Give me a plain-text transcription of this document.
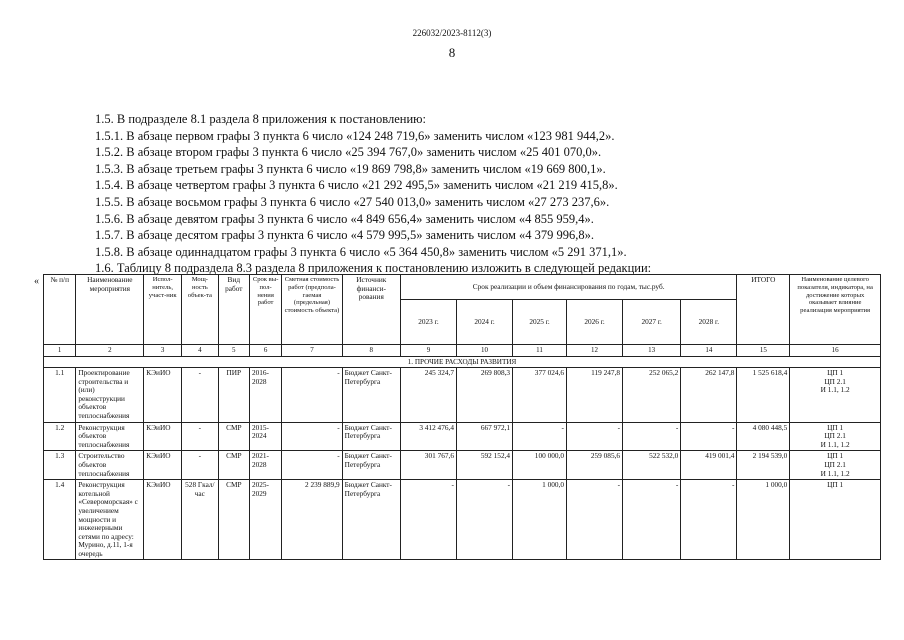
226032/2023-8112(3)
8
1.5. В подразделе 8.1 раздела 8 приложения к постановлению:
1.5.1. В абзаце первом графы 3 пункта 6 число «124 248 719,6» заменить числом «123 981 944,2».
1.5.2. В абзаце втором графы 3 пункта 6 число «25 394 767,0» заменить числом «25 401 070,0».
1.5.3. В абзаце третьем графы 3 пункта 6 число «19 869 798,8» заменить числом «19 669 800,1».
1.5.4. В абзаце четвертом графы 3 пункта 6 число «21 292 495,5» заменить числом «21 219 415,8».
1.5.5. В абзаце восьмом графы 3 пункта 6 число «27 540 013,0» заменить числом «27 273 237,6».
1.5.6. В абзаце девятом графы 3 пункта 6 число «4 849 656,4» заменить числом «4 855 959,4».
1.5.7. В абзаце десятом графы 3 пункта 6 число «4 579 995,5» заменить числом «4 379 996,8».
1.5.8. В абзаце одиннадцатом графы 3 пункта 6 число «5 364 450,8» заменить числом «5 291 371,1».
1.6. Таблицу 8 подраздела 8.3 раздела 8 приложения к постановлению изложить в следующей редакции:
« № п/п	Наименование мероприятия	Испол-нитель, участ-ник	Мощ-ность объек-та	Вид работ	Срок вы-пол-нения работ	Сметная стоимость работ (предпола-гаемая (предельная) стоимость объекта)	Источник финанси-рования	Срок реализации и объем финансирования по годам, тыс.руб.						ИТОГО	Наименование целевого показателя, индикатора, на достижение которых оказывает влияние реализация мероприятия
								2023 г.	2024 г.	2025 г.	2026 г.	2027 г.	2028 г.		
1	2	3	4	5	6	7	8	9	10	11	12	13	14	15	16
1. ПРОЧИЕ РАСХОДЫ РАЗВИТИЯ															
1.1	Проектирование строительства и (или) реконструкции объектов теплоснабжения	КЭиИО	-	ПИР	2016-2028	-	Бюджет Санкт-Петербурга	245 324,7	269 808,3	377 024,6	119 247,8	252 065,2	262 147,8	1 525 618,4	ЦП 1
ЦП 2.1
И 1.1, 1.2
1.2	Реконструкция объектов теплоснабжения	КЭиИО	-	СМР	2015-2024	-	Бюджет Санкт-Петербурга	3 412 476,4	667 972,1	-	-	-	-	4 080 448,5	ЦП 1
ЦП 2.1
И 1.1, 1.2
1.3	Строительство объектов теплоснабжения	КЭиИО	-	СМР	2021-2028	-	Бюджет Санкт-Петербурга	301 767,6	592 152,4	100 000,0	259 085,6	522 532,0	419 001,4	2 194 539,0	ЦП 1
ЦП 2.1
И 1.1, 1.2
1.4	Реконструкция котельной «Североморская» с увеличением мощности и инженерными сетями по адресу: Мурино, д.11, 1-я очередь	КЭиИО	528 Гкал/час	СМР	2025-2029	2 239 889,9	Бюджет Санкт-Петербурга	-	-	1 000,0	-	-	-	1 000,0	ЦП 1
